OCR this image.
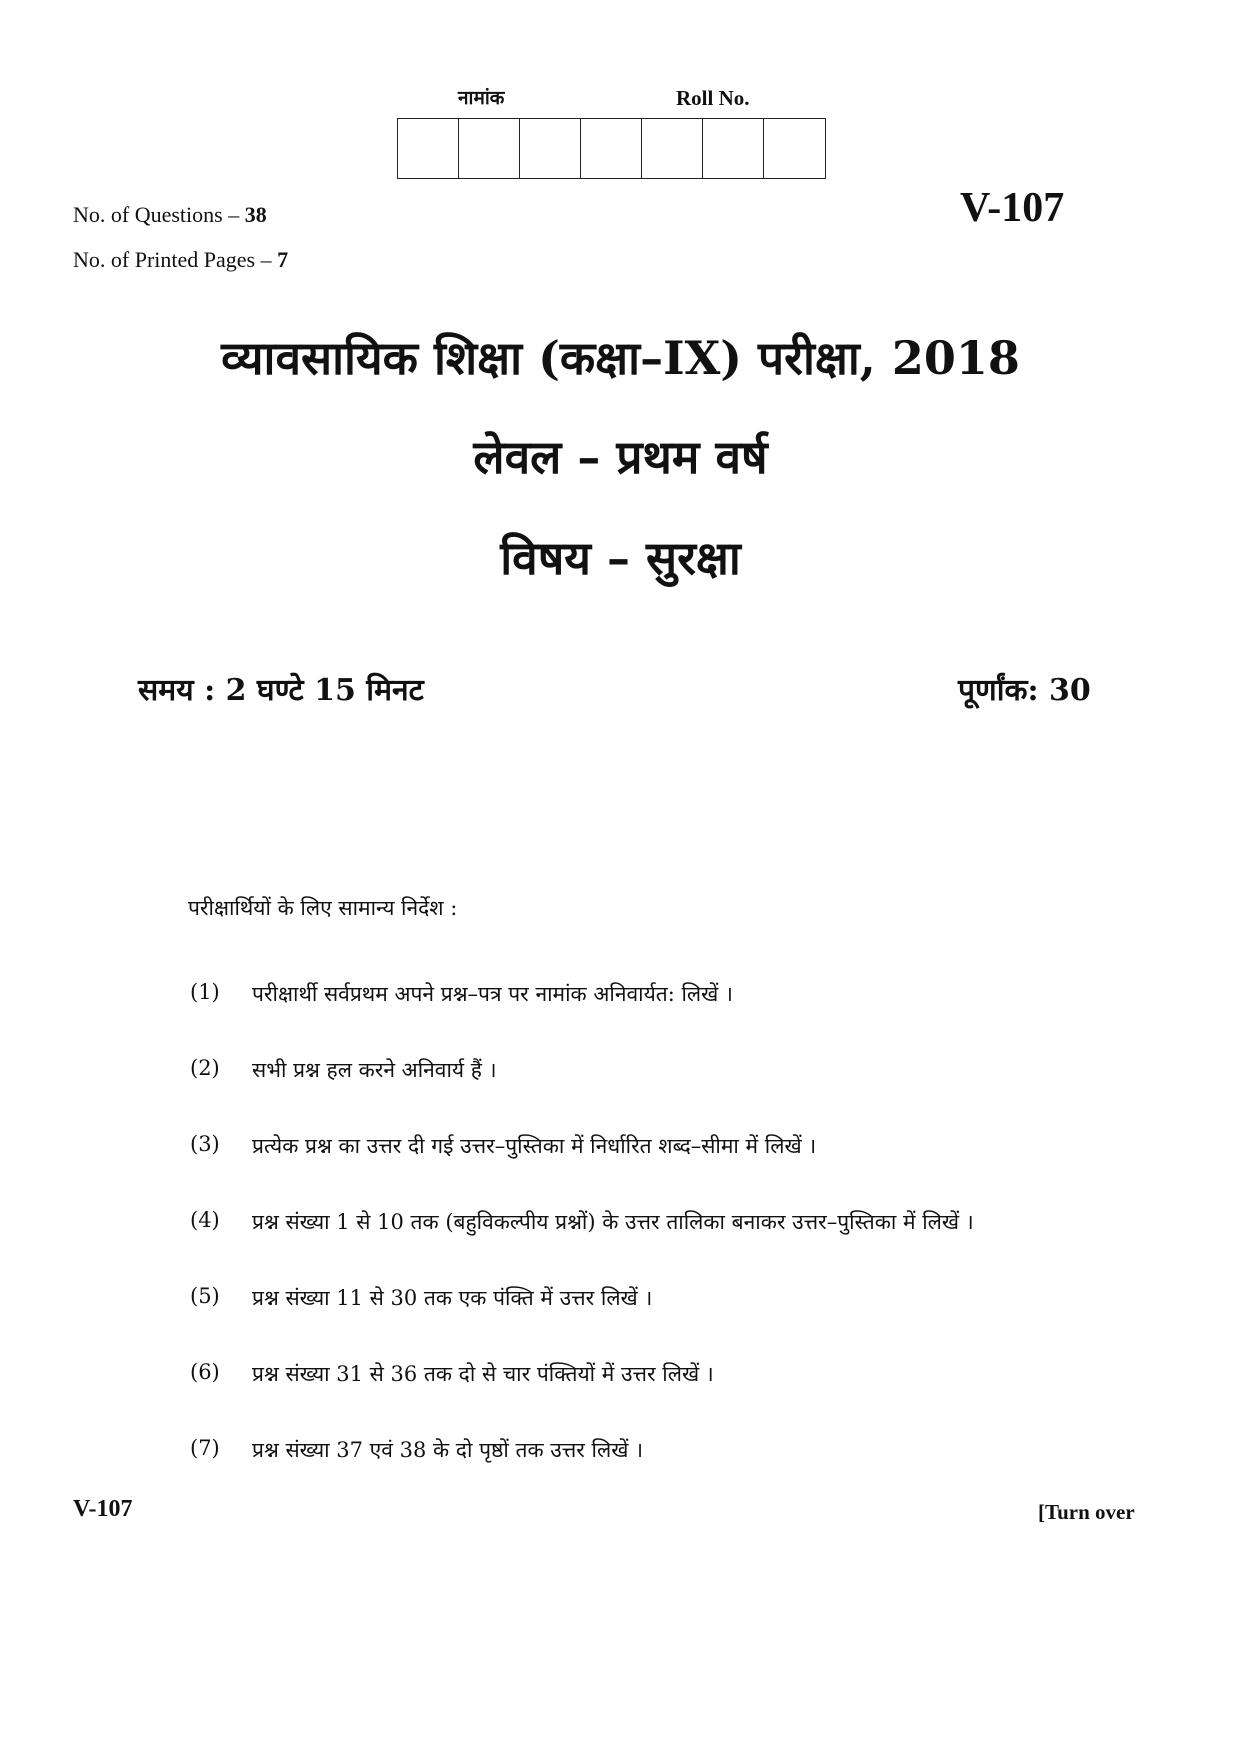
नामांक	Roll No.
No. of Questions – 38
No. of Printed Pages – 7
V-107
व्यावसायिक शिक्षा (कक्षा–IX) परीक्षा, 2018
लेवल – प्रथम वर्ष
विषय – सुरक्षा
समय : 2 घण्टे 15 मिनट	पूर्णांक: 30
परीक्षार्थियों के लिए सामान्य निर्देश :
(1)	परीक्षार्थी सर्वप्रथम अपने प्रश्न–पत्र पर नामांक अनिवार्यत: लिखें ।
(2)	सभी प्रश्न हल करने अनिवार्य हैं ।
(3)	प्रत्येक प्रश्न का उत्तर दी गई उत्तर–पुस्तिका में निर्धारित शब्द–सीमा में लिखें ।
(4)	प्रश्न संख्या 1 से 10 तक (बहुविकल्पीय प्रश्नों) के उत्तर तालिका बनाकर उत्तर–पुस्तिका में लिखें ।
(5)	प्रश्न संख्या 11 से 30 तक एक पंक्ति में उत्तर लिखें ।
(6)	प्रश्न संख्या 31 से 36 तक दो से चार पंक्तियों में उत्तर लिखें ।
(7)	प्रश्न संख्या 37 एवं 38 के दो पृष्ठों तक उत्तर लिखें ।
V-107	[Turn over
